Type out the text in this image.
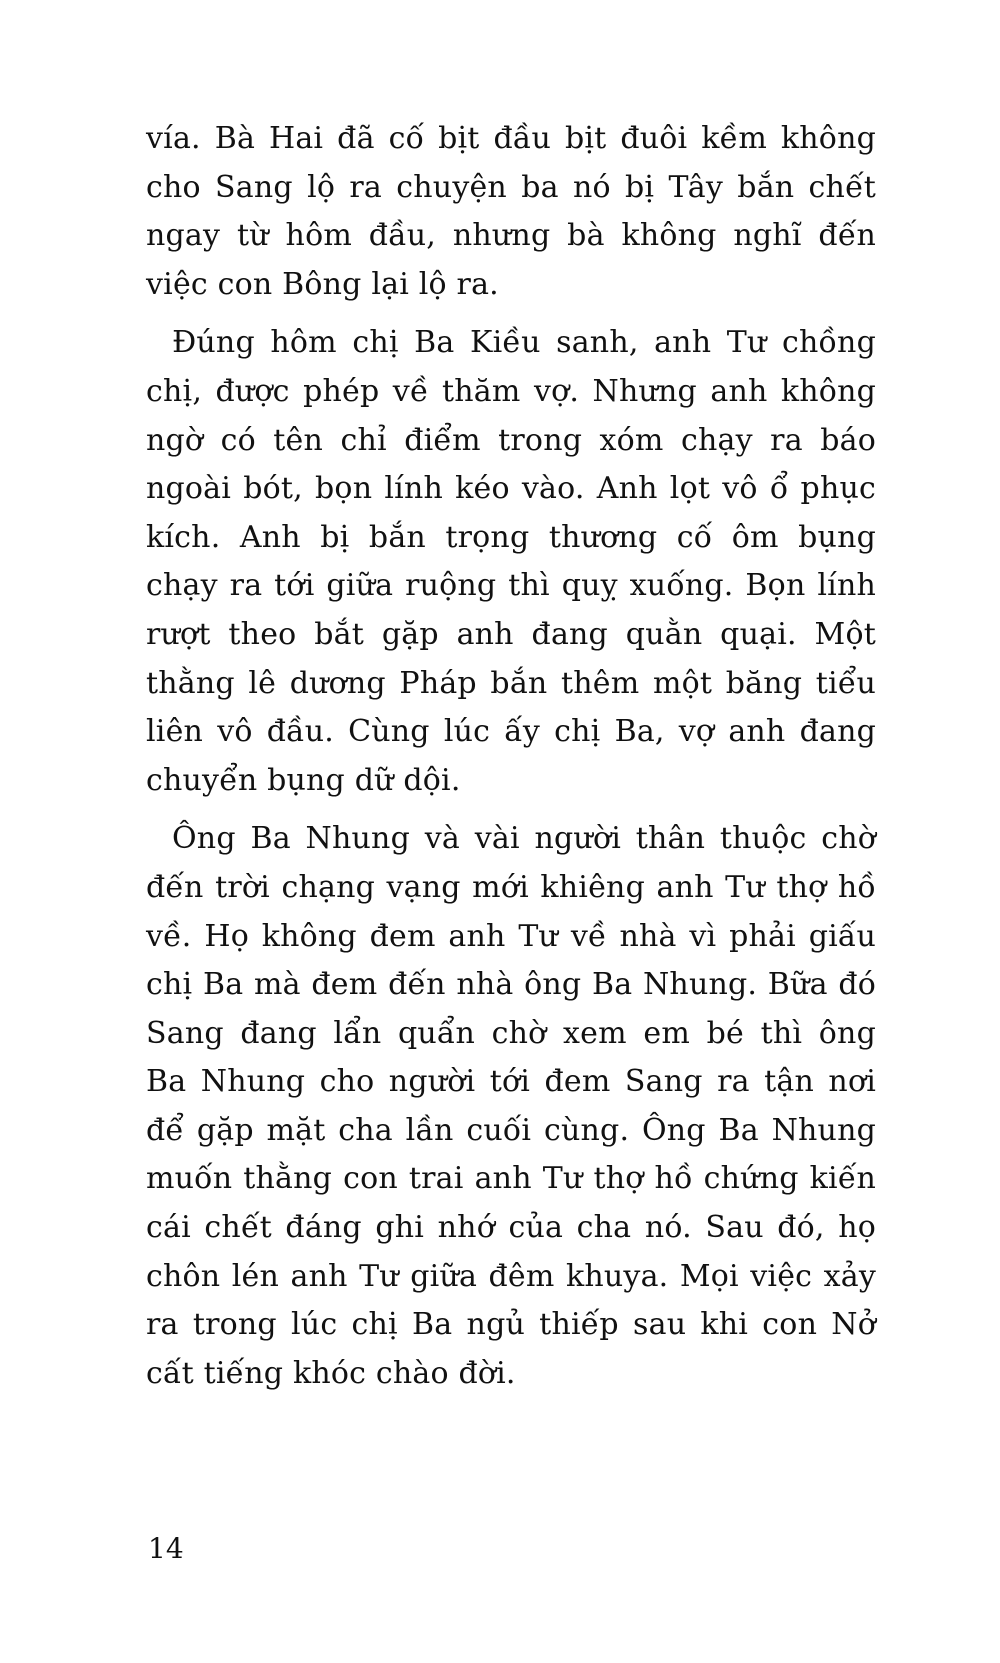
vía. Bà Hai đã cố bịt đầu bịt đuôi kềm không
cho Sang lộ ra chuyện ba nó bị Tây bắn chết
ngay từ hôm đầu, nhưng bà không nghĩ đến
việc con Bông lại lộ ra.
Đúng hôm chị Ba Kiều sanh, anh Tư chồng
chị, được phép về thăm vợ. Nhưng anh không
ngờ có tên chỉ điểm trong xóm chạy ra báo
ngoài bót, bọn lính kéo vào. Anh lọt vô ổ phục
kích. Anh bị bắn trọng thương cố ôm bụng
chạy ra tới giữa ruộng thì quỵ xuống. Bọn lính
rượt theo bắt gặp anh đang quằn quại. Một
thằng lê dương Pháp bắn thêm một băng tiểu
liên vô đầu. Cùng lúc ấy chị Ba, vợ anh đang
chuyển bụng dữ dội.
Ông Ba Nhung và vài người thân thuộc chờ
đến trời chạng vạng mới khiêng anh Tư thợ hồ
về. Họ không đem anh Tư về nhà vì phải giấu
chị Ba mà đem đến nhà ông Ba Nhung. Bữa đó
Sang đang lẩn quẩn chờ xem em bé thì ông
Ba Nhung cho người tới đem Sang ra tận nơi
để gặp mặt cha lần cuối cùng. Ông Ba Nhung
muốn thằng con trai anh Tư thợ hồ chứng kiến
cái chết đáng ghi nhớ của cha nó. Sau đó, họ
chôn lén anh Tư giữa đêm khuya. Mọi việc xảy
ra trong lúc chị Ba ngủ thiếp sau khi con Nở
cất tiếng khóc chào đời.
14
